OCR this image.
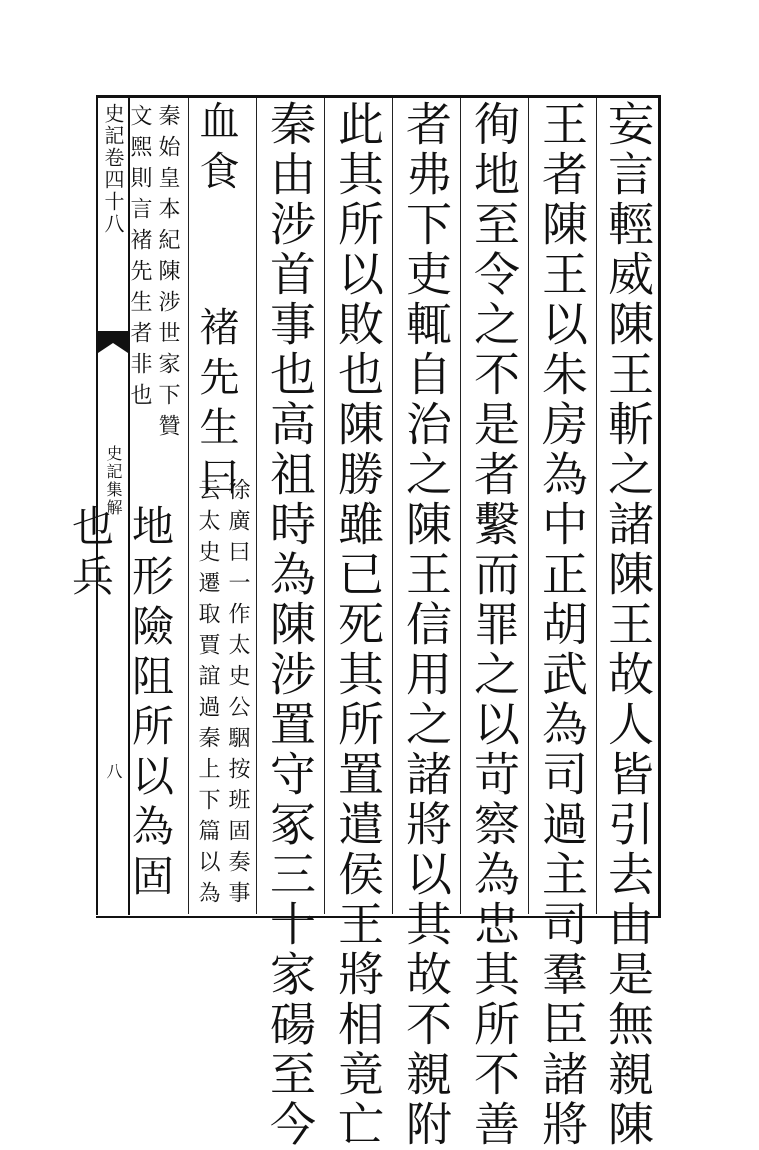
史記卷四十八
史記集解
八	妄言輕威陳王斬之諸陳王故人皆引去由是無親陳
王者陳王以朱房為中正胡武為司過主司羣臣諸將
徇地至令之不是者繫而罪之以苛察為忠其所不善
者弗下吏輒自治之陳王信用之諸將以其故不親附
此其所以敗也陳勝雖已死其所置遣侯王將相竟亡
秦由涉首事也高祖時為陳涉置守冢三十家碭至今
血食
褚先生曰
徐廣曰一作太史公駰按班固奏事
云太史遷取賈誼過秦上下篇以為
秦始皇本紀陳涉世家下贊
文煕則言褚先生者非也
地形險阻所以為固也兵
